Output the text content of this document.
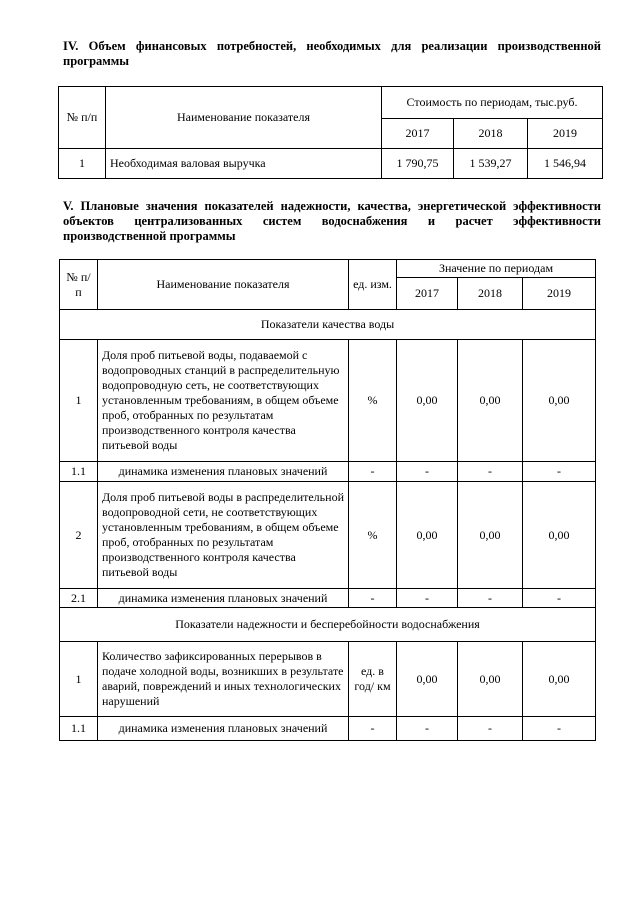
IV. Объем финансовых потребностей, необходимых для реализации производственной программы
№ п/п	Наименование показателя	Стоимость по периодам, тыс.руб.		
		2017	2018	2019
1	Необходимая валовая выручка	1 790,75	1 539,27	1 546,94
V. Плановые значения показателей надежности, качества, энергетической эффективности объектов централизованных систем водоснабжения и расчет эффективности производственной программы
№ п/п	Наименование показателя	ед. изм.	Значение по периодам		
			2017	2018	2019
Показатели качества воды					
1	Доля проб питьевой воды, подаваемой с водопроводных станций в распределительную водопроводную сеть, не соответствующих установленным требованиям, в общем объеме проб, отобранных по результатам производственного контроля качества питьевой воды	%	0,00	0,00	0,00
1.1	динамика изменения плановых значений	-	-	-	-
2	Доля проб питьевой воды в распределительной водопроводной сети, не соответствующих установленным требованиям, в общем объеме проб, отобранных по результатам производственного контроля качества питьевой воды	%	0,00	0,00	0,00
2.1	динамика изменения плановых значений	-	-	-	-
Показатели надежности и бесперебойности водоснабжения					
1	Количество зафиксированных перерывов в подаче холодной воды, возникших в результате аварий, повреждений и иных технологических нарушений	ед. в год/ км	0,00	0,00	0,00
1.1	динамика изменения плановых значений	-	-	-	-
